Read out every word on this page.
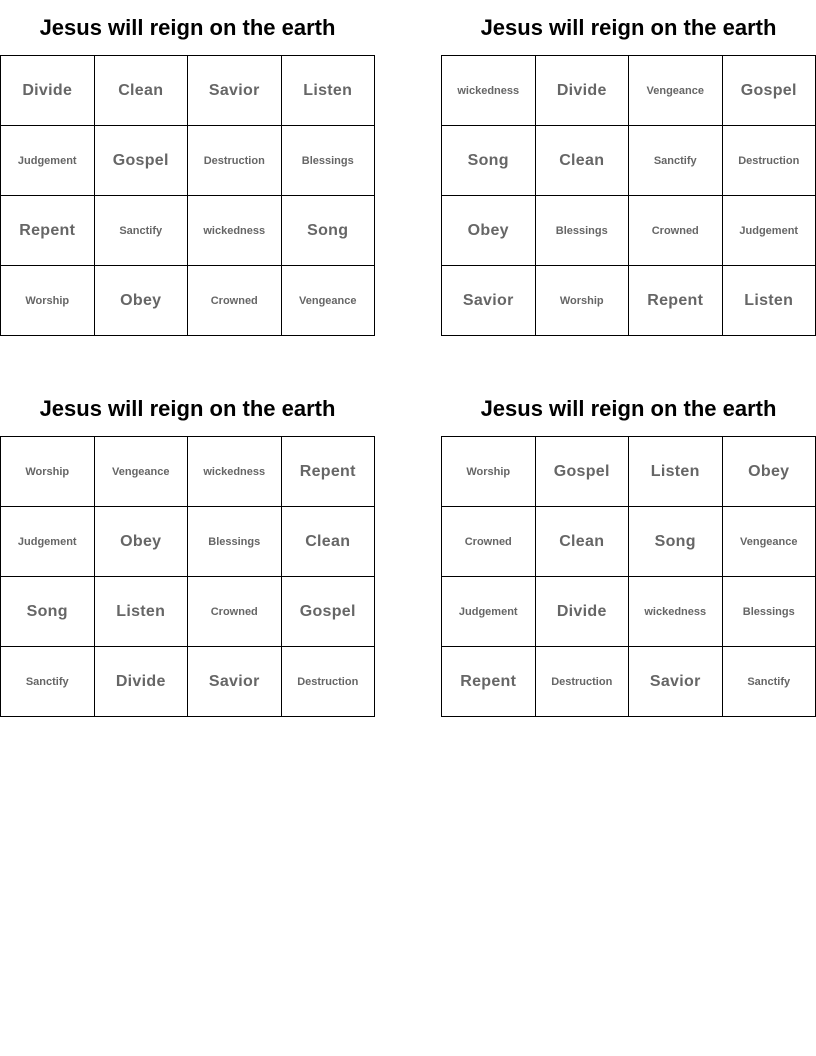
Jesus will reign on the earth
Divide	Clean	Savior	Listen
Judgement	Gospel	Destruction	Blessings
Repent	Sanctify	wickedness	Song
Worship	Obey	Crowned	Vengeance
Jesus will reign on the earth
wickedness	Divide	Vengeance	Gospel
Song	Clean	Sanctify	Destruction
Obey	Blessings	Crowned	Judgement
Savior	Worship	Repent	Listen
Jesus will reign on the earth
Worship	Vengeance	wickedness	Repent
Judgement	Obey	Blessings	Clean
Song	Listen	Crowned	Gospel
Sanctify	Divide	Savior	Destruction
Jesus will reign on the earth
Worship	Gospel	Listen	Obey
Crowned	Clean	Song	Vengeance
Judgement	Divide	wickedness	Blessings
Repent	Destruction	Savior	Sanctify
